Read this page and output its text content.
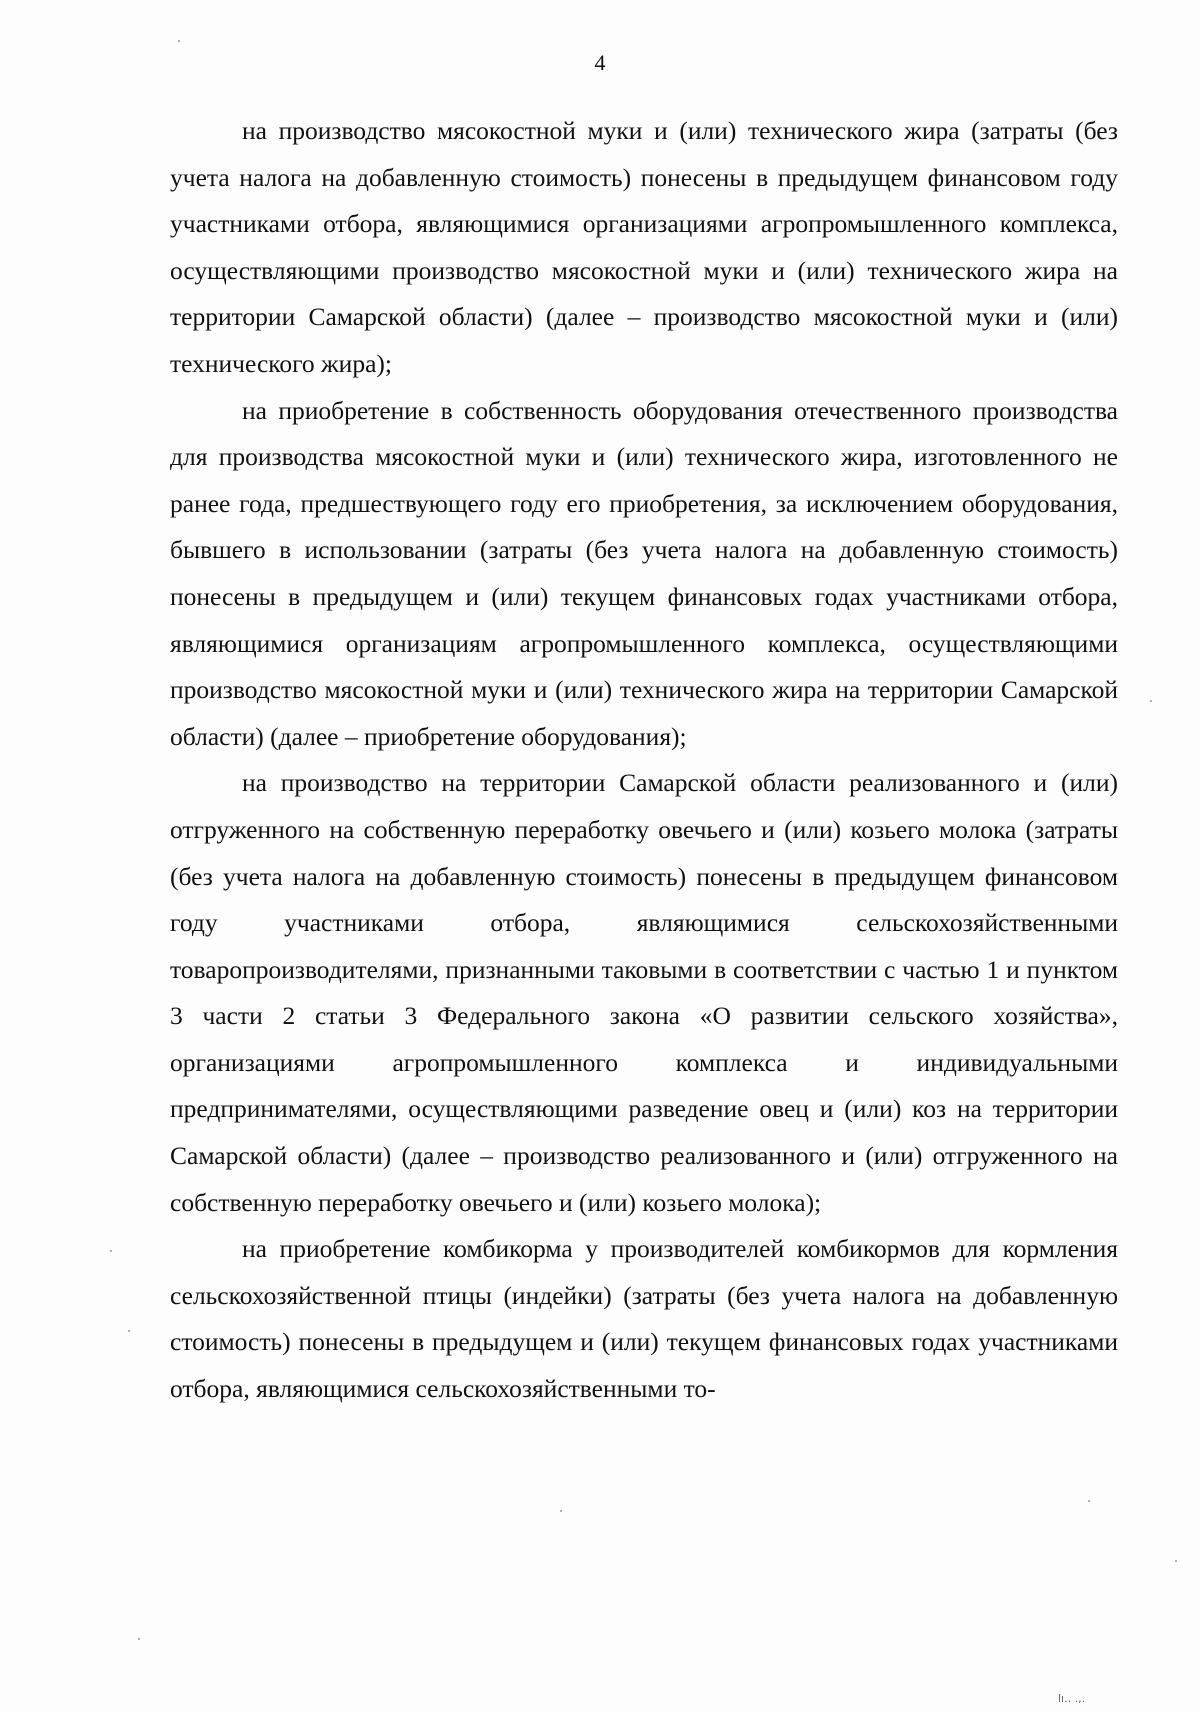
4

на производство мясокостной муки и (или) технического жира (затраты (без учета налога на добавленную стоимость) понесены в предыдущем финансовом году участниками отбора, являющимися организациями агропромышленного комплекса, осуществляющими производство мясокостной муки и (или) технического жира на территории Самарской области) (далее – производство мясокостной муки и (или) технического жира);

на приобретение в собственность оборудования отечественного производства для производства мясокостной муки и (или) технического жира, изготовленного не ранее года, предшествующего году его приобретения, за исключением оборудования, бывшего в использовании (затраты (без учета налога на добавленную стоимость) понесены в предыдущем и (или) текущем финансовых годах участниками отбора, являющимися организациям агропромышленного комплекса, осуществляющими производство мясокостной муки и (или) технического жира на территории Самарской области) (далее – приобретение оборудования);

на производство на территории Самарской области реализованного и (или) отгруженного на собственную переработку овечьего и (или) козьего молока (затраты (без учета налога на добавленную стоимость) понесены в предыдущем финансовом году участниками отбора, являющимися сельскохозяйственными товаропроизводителями, признанными таковыми в соответствии с частью 1 и пунктом 3 части 2 статьи 3 Федерального закона «О развитии сельского хозяйства», организациями агропромышленного комплекса и индивидуальными предпринимателями, осуществляющими разведение овец и (или) коз на территории Самарской области) (далее – производство реализованного и (или) отгруженного на собственную переработку овечьего и (или) козьего молока);

на приобретение комбикорма у производителей комбикормов для кормления сельскохозяйственной птицы (индейки) (затраты (без учета налога на добавленную стоимость) понесены в предыдущем и (или) текущем финансовых годах участниками отбора, являющимися сельскохозяйственными то-

lı.. .,.
